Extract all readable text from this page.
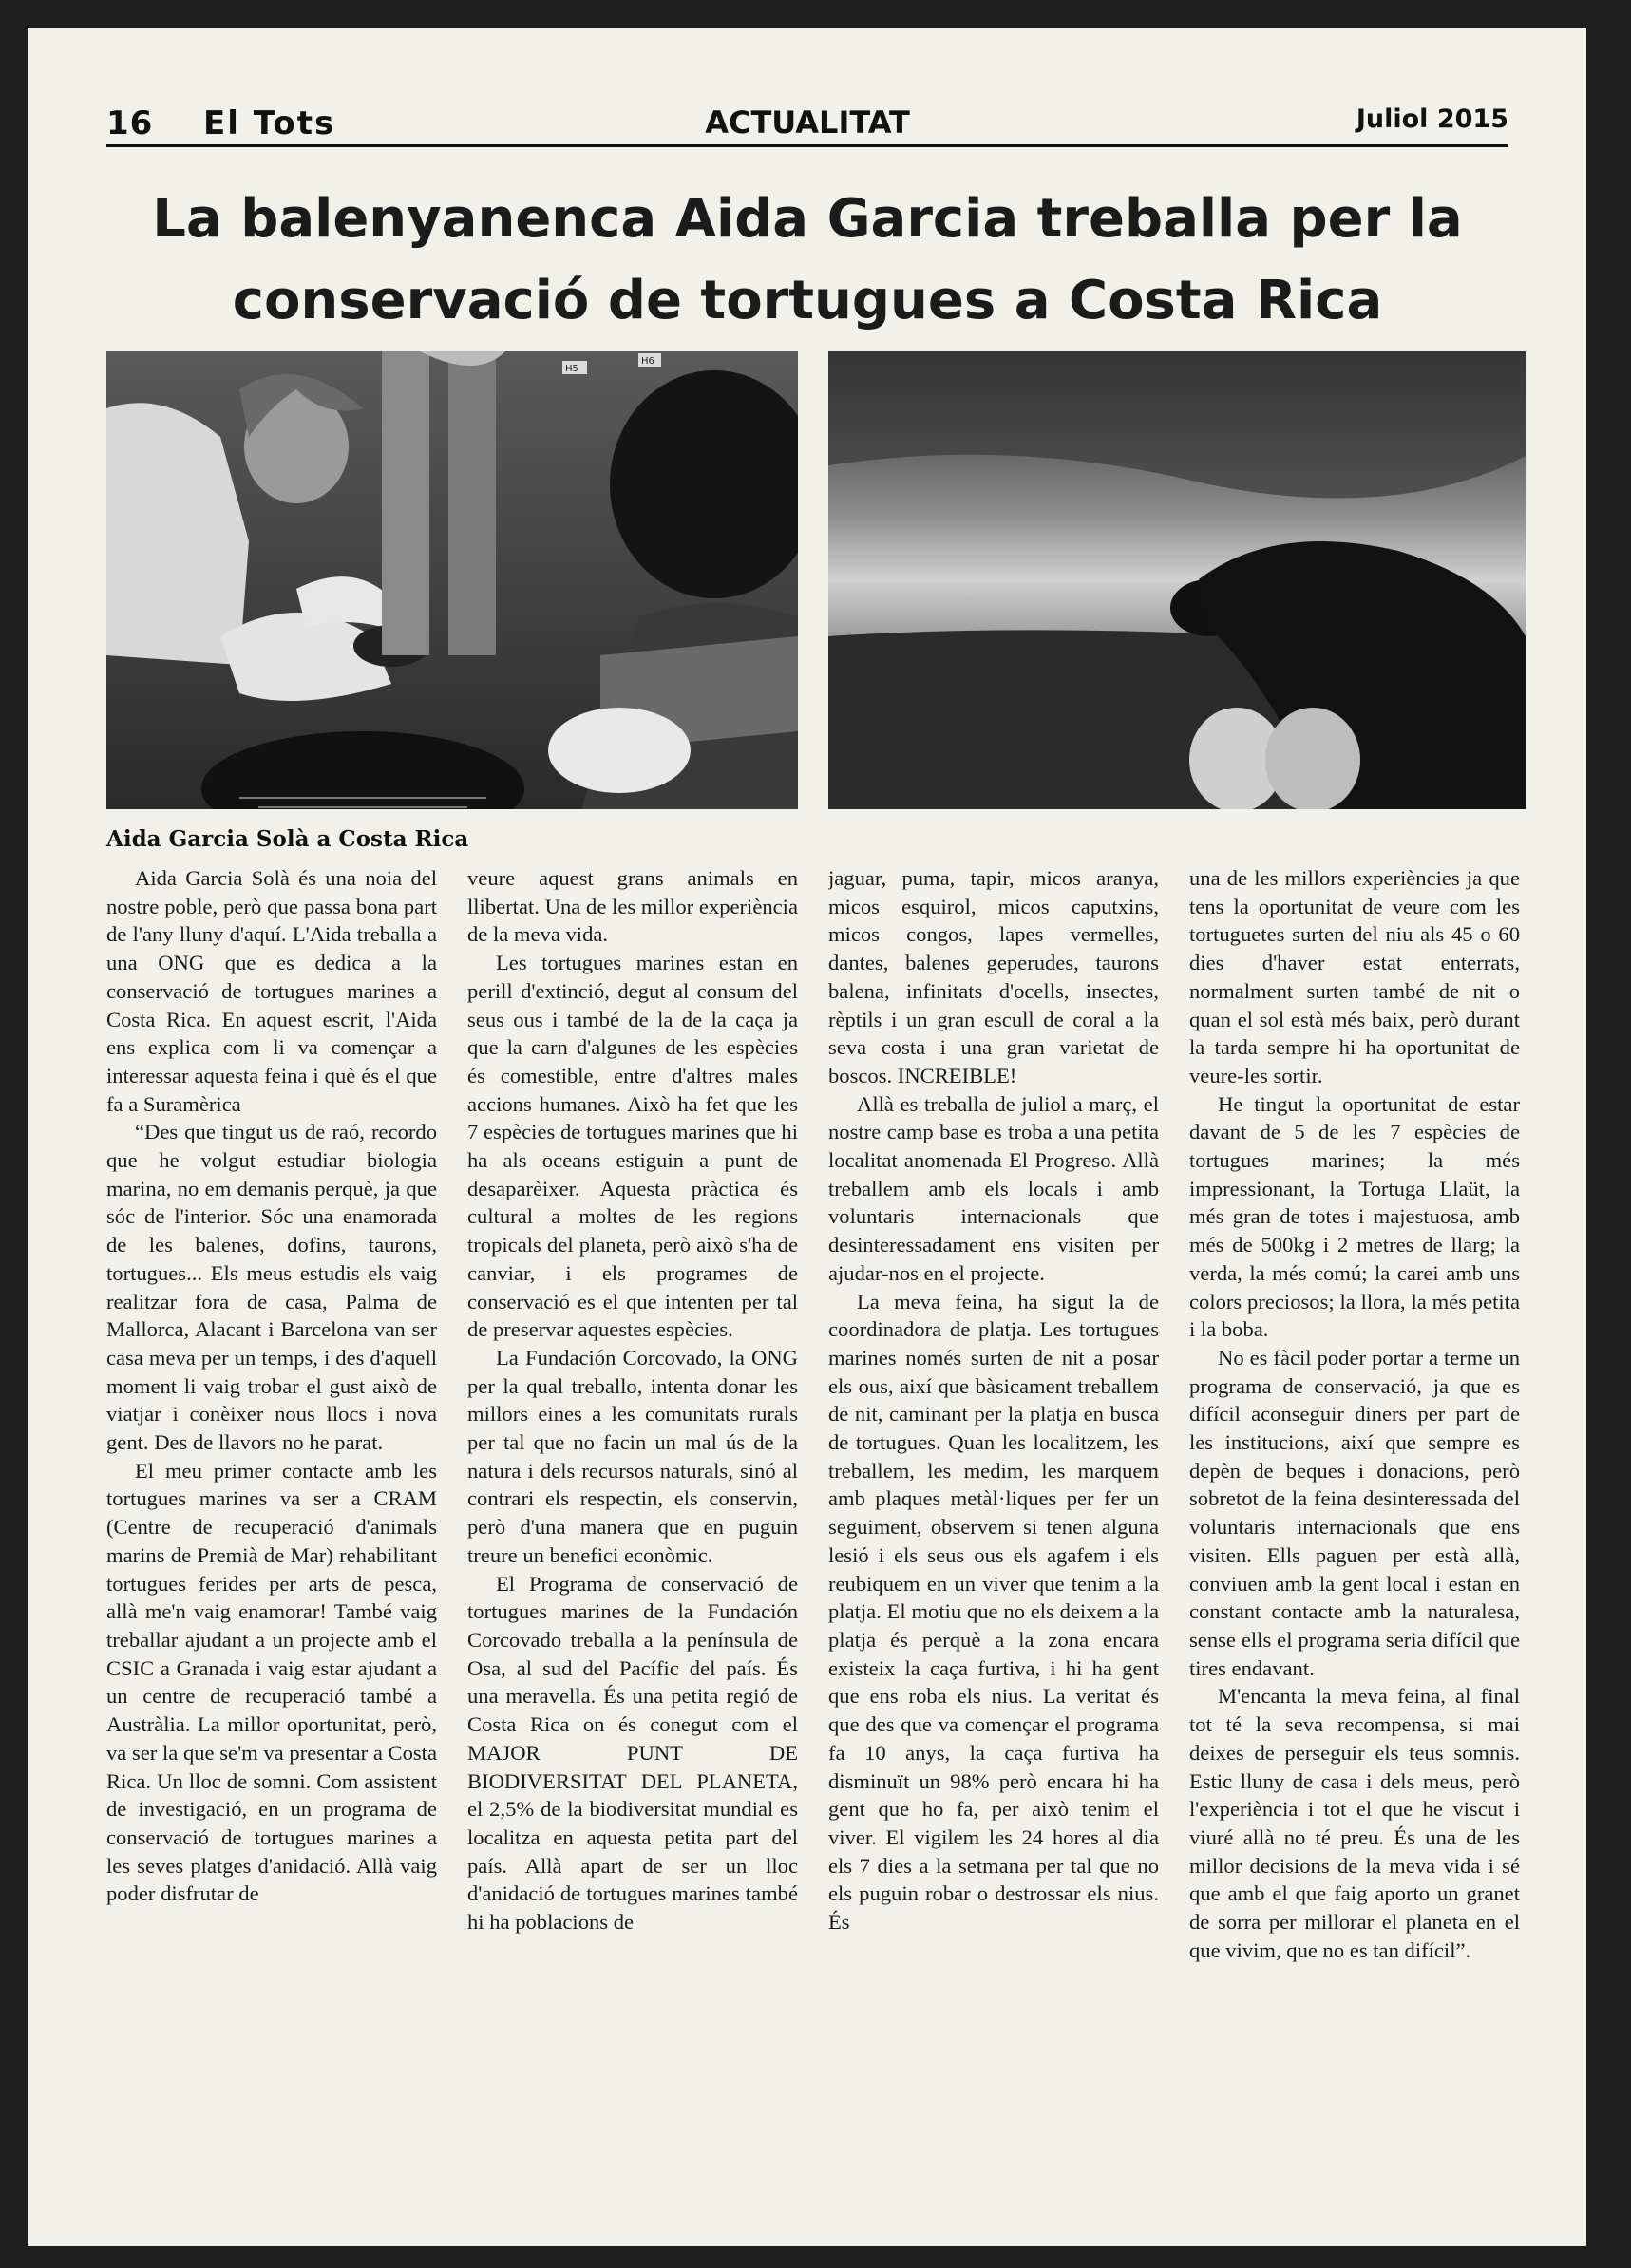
16 El Tots	ACTUALITAT	Juliol 2015
La balenyanenca Aida Garcia treballa per la
conservació de tortugues a Costa Rica
H5
H6
Aida Garcia Solà a Costa Rica

Aida Garcia Solà és una noia del nostre poble, però que passa bona part de l'any lluny d'aquí. L'Aida treballa a una ONG que es dedica a la conservació de tortugues marines a Costa Rica. En aquest escrit, l'Aida ens explica com li va començar a interessar aquesta feina i què és el que fa a Suramèrica

“Des que tingut us de raó, recordo que he volgut estudiar biologia marina, no em demanis perquè, ja que sóc de l'interior. Sóc una enamorada de les balenes, dofins, taurons, tortugues... Els meus estudis els vaig realitzar fora de casa, Palma de Mallorca, Alacant i Barcelona van ser casa meva per un temps, i des d'aquell moment li vaig trobar el gust això de viatjar i conèixer nous llocs i nova gent. Des de llavors no he parat.

El meu primer contacte amb les tortugues marines va ser a CRAM (Centre de recuperació d'animals marins de Premià de Mar) rehabilitant tortugues ferides per arts de pesca, allà me'n vaig enamorar! També vaig treballar ajudant a un projecte amb el CSIC a Granada i vaig estar ajudant a un centre de recuperació també a Austràlia. La millor oportunitat, però, va ser la que se'm va presentar a Costa Rica. Un lloc de somni. Com assistent de investigació, en un programa de conservació de tortugues marines a les seves platges d'anidació. Allà vaig poder disfrutar de

veure aquest grans animals en llibertat. Una de les millor experiència de la meva vida.

Les tortugues marines estan en perill d'extinció, degut al consum del seus ous i també de la de la caça ja que la carn d'algunes de les espècies és comestible, entre d'altres males accions humanes. Això ha fet que les 7 espècies de tortugues marines que hi ha als oceans estiguin a punt de desaparèixer. Aquesta pràctica és cultural a moltes de les regions tropicals del planeta, però això s'ha de canviar, i els programes de conservació es el que intenten per tal de preservar aquestes espècies.

La Fundación Corcovado, la ONG per la qual treballo, intenta donar les millors eines a les comunitats rurals per tal que no facin un mal ús de la natura i dels recursos naturals, sinó al contrari els respectin, els conservin, però d'una manera que en puguin treure un benefici econòmic.

El Programa de conservació de tortugues marines de la Fundación Corcovado treballa a la península de Osa, al sud del Pacífic del país. És una meravella. És una petita regió de Costa Rica on és conegut com el MAJOR PUNT DE BIODIVERSITAT DEL PLANETA, el 2,5% de la biodiversitat mundial es localitza en aquesta petita part del país. Allà apart de ser un lloc d'anidació de tortugues marines també hi ha poblacions de

jaguar, puma, tapir, micos aranya, micos esquirol, micos caputxins, micos congos, lapes vermelles, dantes, balenes geperudes, taurons balena, infinitats d'ocells, insectes, rèptils i un gran escull de coral a la seva costa i una gran varietat de boscos. INCREIBLE!

Allà es treballa de juliol a març, el nostre camp base es troba a una petita localitat anomenada El Progreso. Allà treballem amb els locals i amb voluntaris internacionals que desinteressadament ens visiten per ajudar-nos en el projecte.

La meva feina, ha sigut la de coordinadora de platja. Les tortugues marines només surten de nit a posar els ous, així que bàsicament treballem de nit, caminant per la platja en busca de tortugues. Quan les localitzem, les treballem, les medim, les marquem amb plaques metàl·liques per fer un seguiment, observem si tenen alguna lesió i els seus ous els agafem i els reubiquem en un viver que tenim a la platja. El motiu que no els deixem a la platja és perquè a la zona encara existeix la caça furtiva, i hi ha gent que ens roba els nius. La veritat és que des que va començar el programa fa 10 anys, la caça furtiva ha disminuït un 98% però encara hi ha gent que ho fa, per això tenim el viver. El vigilem les 24 hores al dia els 7 dies a la setmana per tal que no els puguin robar o destrossar els nius. És

una de les millors experiències ja que tens la oportunitat de veure com les tortuguetes surten del niu als 45 o 60 dies d'haver estat enterrats, normalment surten també de nit o quan el sol està més baix, però durant la tarda sempre hi ha oportunitat de veure-les sortir.

He tingut la oportunitat de estar davant de 5 de les 7 espècies de tortugues marines; la més impressionant, la Tortuga Llaüt, la més gran de totes i majestuosa, amb més de 500kg i 2 metres de llarg; la verda, la més comú; la carei amb uns colors preciosos; la llora, la més petita i la boba.

No es fàcil poder portar a terme un programa de conservació, ja que es difícil aconseguir diners per part de les institucions, així que sempre es depèn de beques i donacions, però sobretot de la feina desinteressada del voluntaris internacionals que ens visiten. Ells paguen per està allà, conviuen amb la gent local i estan en constant contacte amb la naturalesa, sense ells el programa seria difícil que tires endavant.

M'encanta la meva feina, al final tot té la seva recompensa, si mai deixes de perseguir els teus somnis. Estic lluny de casa i dels meus, però l'experiència i tot el que he viscut i viuré allà no té preu. És una de les millor decisions de la meva vida i sé que amb el que faig aporto un granet de sorra per millorar el planeta en el que vivim, que no es tan difícil”.
